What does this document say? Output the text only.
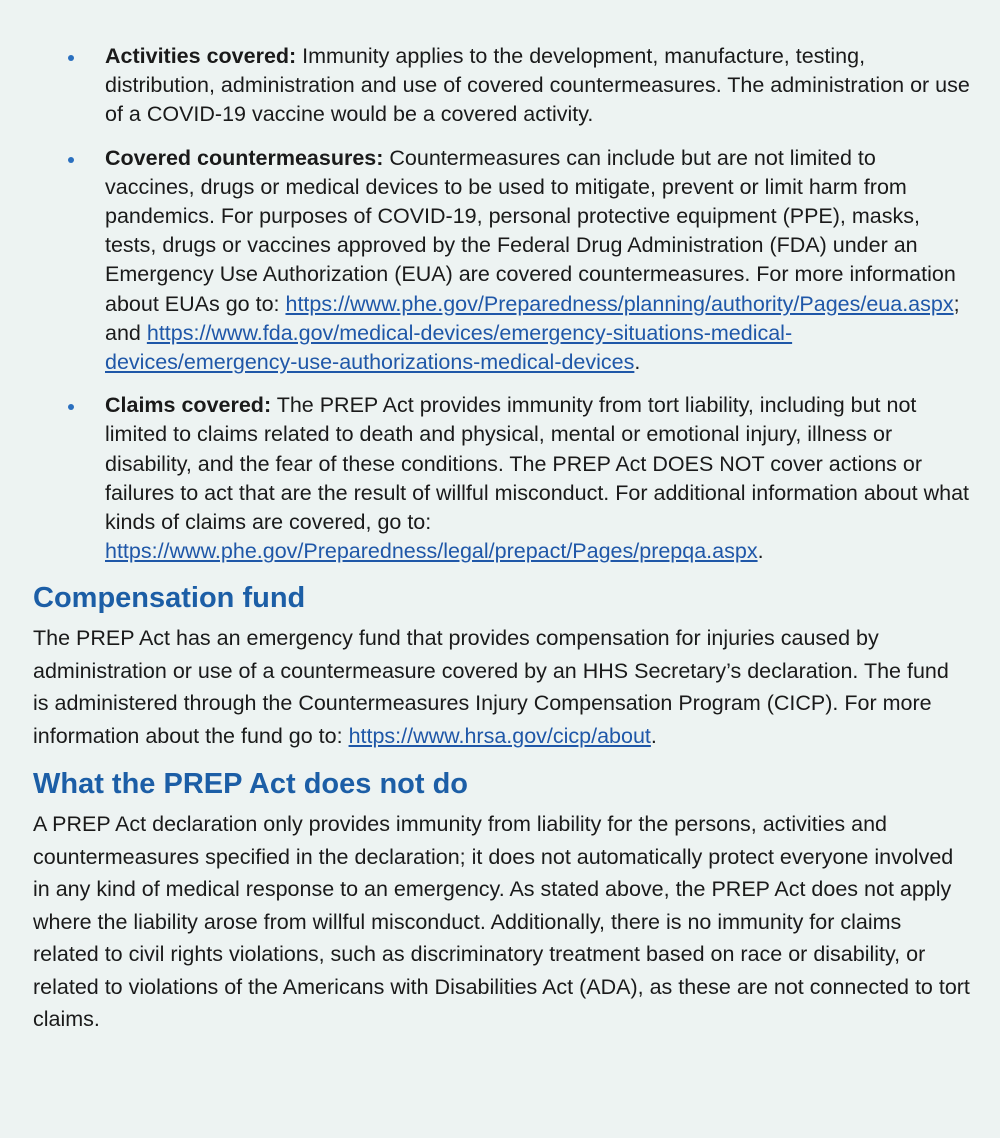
Activities covered: Immunity applies to the development, manufacture, testing, distribution, administration and use of covered countermeasures. The administration or use of a COVID-19 vaccine would be a covered activity.
Covered countermeasures: Countermeasures can include but are not limited to vaccines, drugs or medical devices to be used to mitigate, prevent or limit harm from pandemics. For purposes of COVID-19, personal protective equipment (PPE), masks, tests, drugs or vaccines approved by the Federal Drug Administration (FDA) under an Emergency Use Authorization (EUA) are covered countermeasures. For more information about EUAs go to: https://www.phe.gov/Preparedness/planning/authority/Pages/eua.aspx; and https://www.fda.gov/medical-devices/emergency-situations-medical-devices/emergency-use-authorizations-medical-devices.
Claims covered: The PREP Act provides immunity from tort liability, including but not limited to claims related to death and physical, mental or emotional injury, illness or disability, and the fear of these conditions. The PREP Act DOES NOT cover actions or failures to act that are the result of willful misconduct. For additional information about what kinds of claims are covered, go to: https://www.phe.gov/Preparedness/legal/prepact/Pages/prepqa.aspx.
Compensation fund

The PREP Act has an emergency fund that provides compensation for injuries caused by administration or use of a countermeasure covered by an HHS Secretary’s declaration. The fund is administered through the Countermeasures Injury Compensation Program (CICP). For more information about the fund go to: https://www.hrsa.gov/cicp/about.

What the PREP Act does not do

A PREP Act declaration only provides immunity from liability for the persons, activities and countermeasures specified in the declaration; it does not automatically protect everyone involved in any kind of medical response to an emergency. As stated above, the PREP Act does not apply where the liability arose from willful misconduct. Additionally, there is no immunity for claims related to civil rights violations, such as discriminatory treatment based on race or disability, or related to violations of the Americans with Disabilities Act (ADA), as these are not connected to tort claims.
